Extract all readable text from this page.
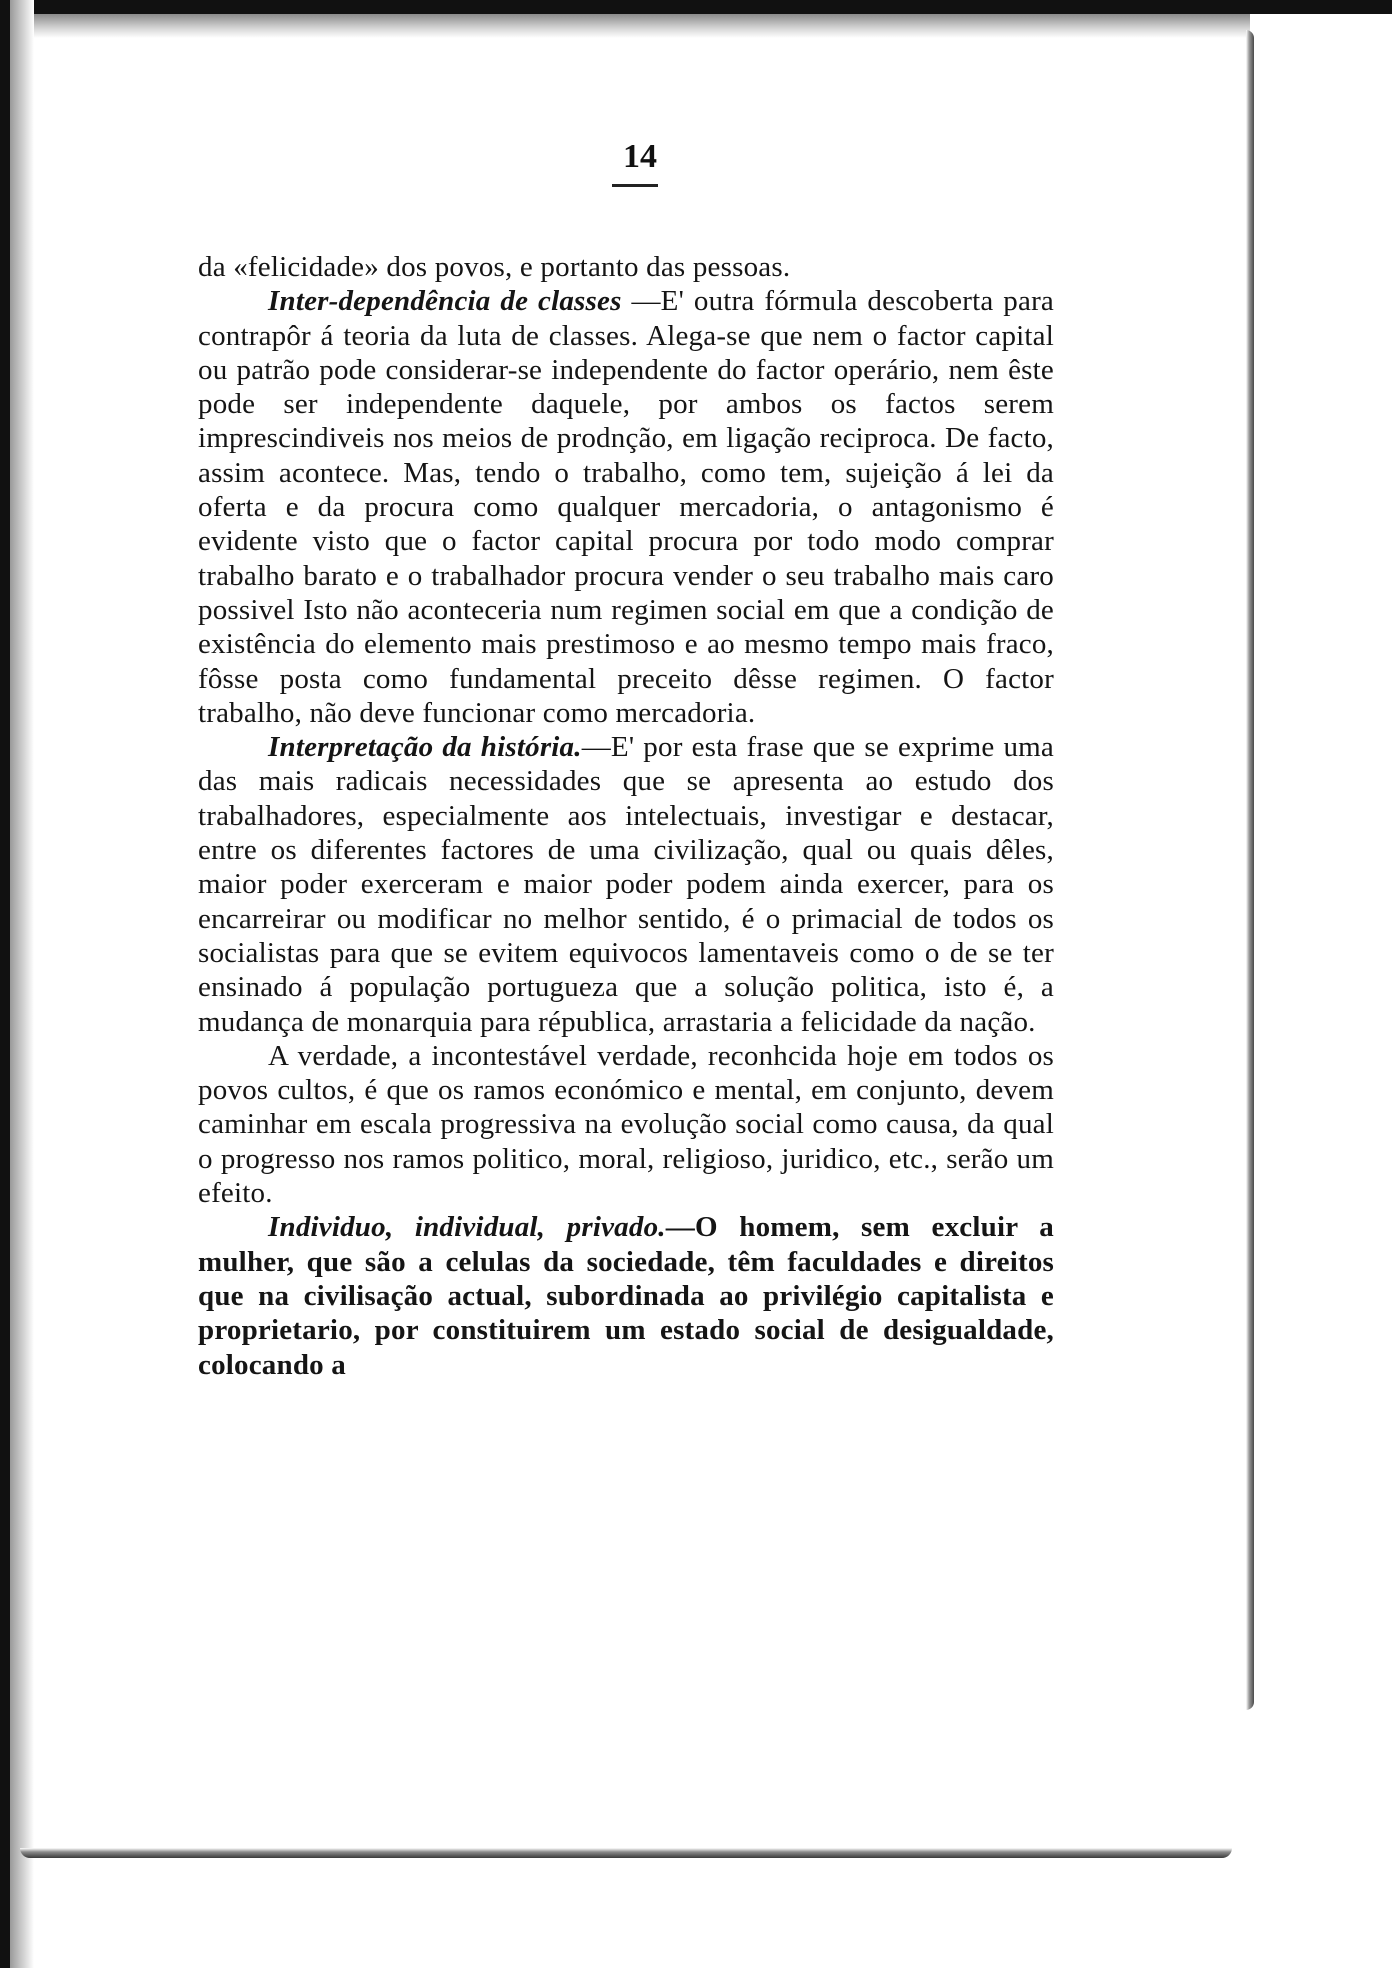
14

da «felicidade» dos povos, e portanto das pessoas.

Inter-dependência de classes —E' outra fórmula descoberta para contrapôr á teoria da luta de classes. Alega-se que nem o factor capital ou patrão pode considerar-se independente do factor operário, nem êste pode ser independente daquele, por ambos os factos serem imprescindiveis nos meios de prodnção, em ligação reciproca. De facto, assim acontece. Mas, tendo o trabalho, como tem, sujeição á lei da oferta e da procura como qualquer mercadoria, o antagonismo é evidente visto que o factor capital procura por todo modo comprar trabalho barato e o trabalhador procura vender o seu trabalho mais caro possivel Isto não aconteceria num regimen social em que a condição de existência do elemento mais prestimoso e ao mesmo tempo mais fraco, fôsse posta como fundamental preceito dêsse regimen. O factor trabalho, não deve funcionar como mercadoria.

Interpretação da história.—E' por esta frase que se exprime uma das mais radicais necessidades que se apresenta ao estudo dos trabalhadores, especialmente aos intelectuais, investigar e destacar, entre os diferentes factores de uma civilização, qual ou quais dêles, maior poder exerceram e maior poder podem ainda exercer, para os encarreirar ou modificar no melhor sentido, é o primacial de todos os socialistas para que se evitem equivocos lamentaveis como o de se ter ensinado á população portugueza que a solução politica, isto é, a mudança de monarquia para républica, arrastaria a felicidade da nação.

A verdade, a incontestável verdade, reconhcida hoje em todos os povos cultos, é que os ramos económico e mental, em conjunto, devem caminhar em escala progressiva na evolução social como causa, da qual o progresso nos ramos politico, moral, religioso, juridico, etc., serão um efeito.

Individuo, individual, privado.—O homem, sem excluir a mulher, que são a celulas da sociedade, têm faculdades e direitos que na civilisação actual, subordinada ao privilégio capitalista e proprietario, por constituirem um estado social de desigualdade, colocando a
